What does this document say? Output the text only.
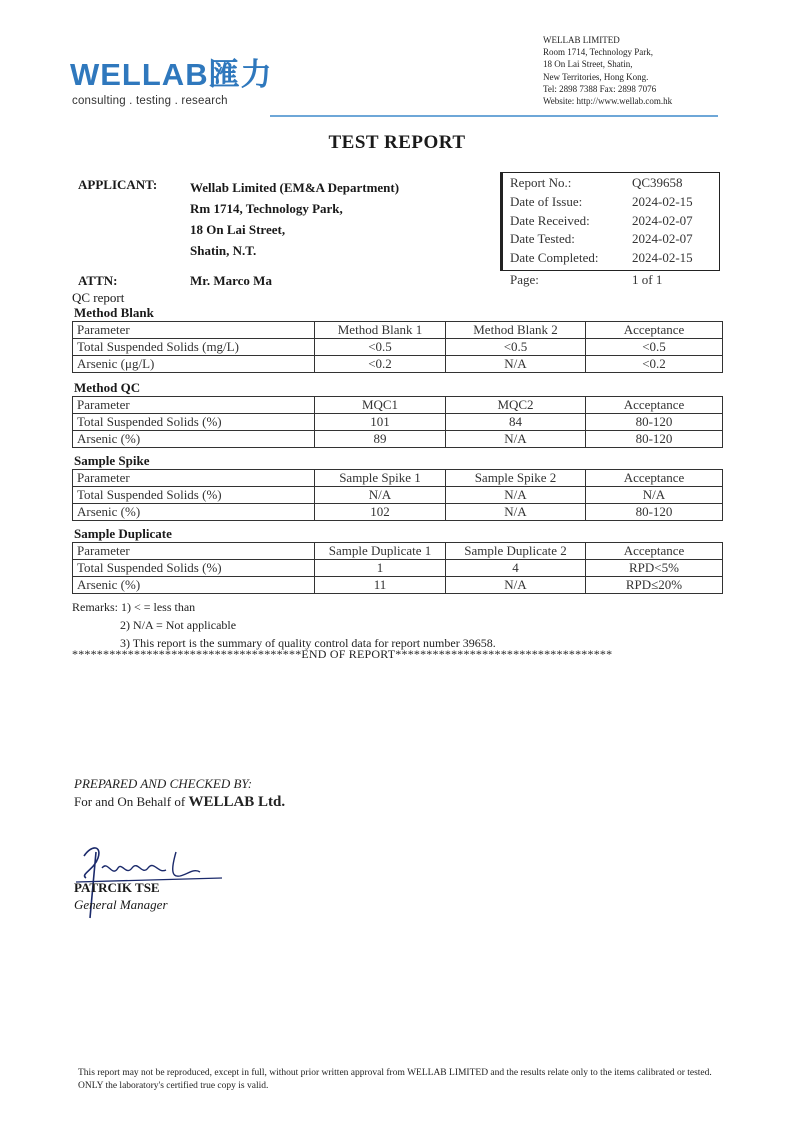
WELLAB匯力
consulting . testing . research
WELLAB LIMITED
Room 1714, Technology Park,
18 On Lai Street, Shatin,
New Territories, Hong Kong.
Tel: 2898 7388 Fax: 2898 7076
Website: http://www.wellab.com.hk
TEST REPORT
APPLICANT:	Wellab Limited (EM&A Department)
Rm 1714, Technology Park,
18 On Lai Street,
Shatin, N.T.
ATTN:	Mr. Marco Ma
Report No.:	QC39658
Date of Issue:	2024-02-15
Date Received:	2024-02-07
Date Tested:	2024-02-07
Date Completed:	2024-02-15
Page:	1 of 1
QC report
Method Blank
Parameter	Method Blank 1	Method Blank 2	Acceptance
Total Suspended Solids (mg/L)	<0.5	<0.5	<0.5
Arsenic (μg/L)	<0.2	N/A	<0.2
Method QC
Parameter	MQC1	MQC2	Acceptance
Total Suspended Solids (%)	101	84	80-120
Arsenic (%)	89	N/A	80-120
Sample Spike
Parameter	Sample Spike 1	Sample Spike 2	Acceptance
Total Suspended Solids (%)	N/A	N/A	N/A
Arsenic (%)	102	N/A	80-120
Sample Duplicate
Parameter	Sample Duplicate 1	Sample Duplicate 2	Acceptance
Total Suspended Solids (%)	1	4	RPD<5%
Arsenic (%)	11	N/A	RPD≤20%
Remarks: 1) < = less than
2) N/A = Not applicable
3) This report is the summary of quality control data for report number 39658.
*************************************END OF REPORT***********************************
PREPARED AND CHECKED BY:
For and On Behalf of WELLAB Ltd.
PATRCIK TSE
General Manager
This report may not be reproduced, except in full, without prior written approval from WELLAB LIMITED and the results relate only to the items calibrated or tested. ONLY the laboratory's certified true copy is valid.
